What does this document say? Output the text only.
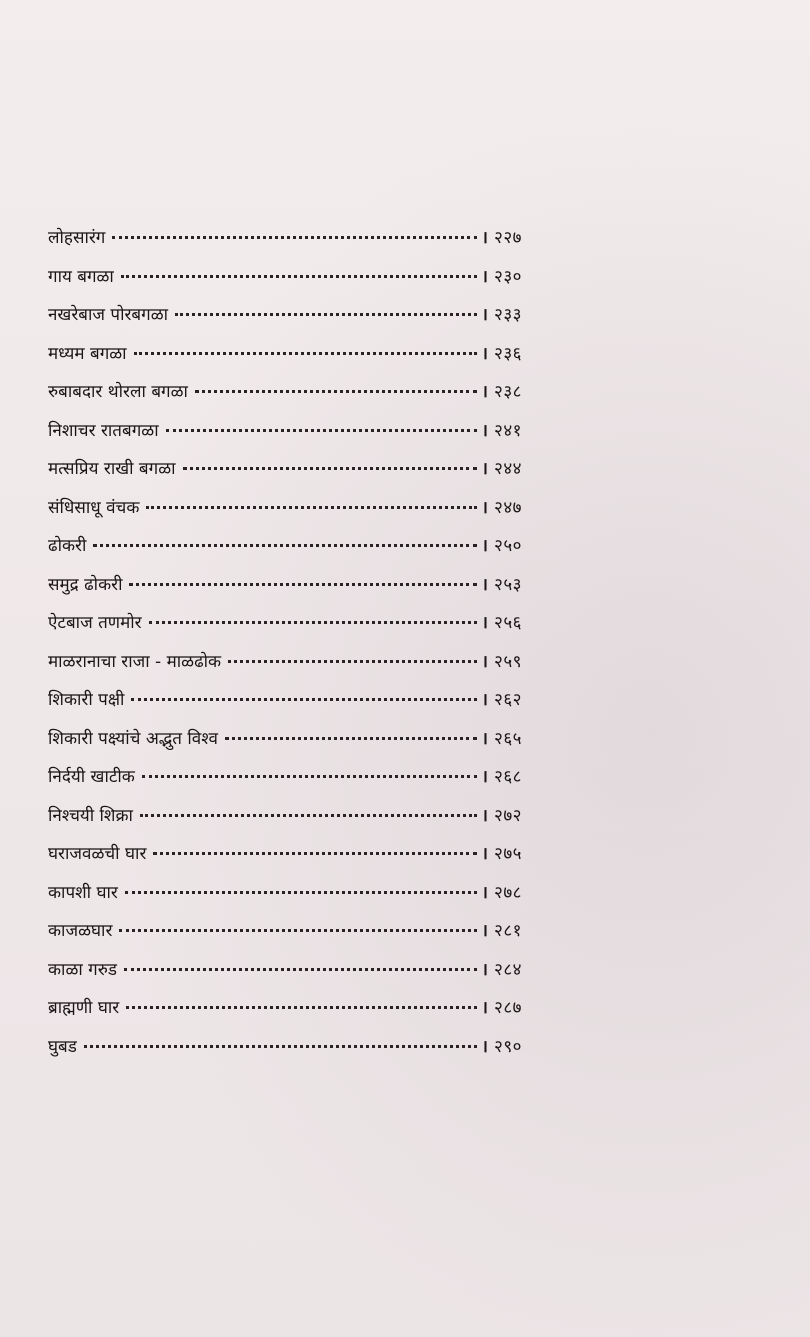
लोहसारंग	। २२७
गाय बगळा	। २३०
नखरेबाज पोरबगळा	। २३३
मध्यम बगळा	। २३६
रुबाबदार थोरला बगळा	। २३८
निशाचर रातबगळा	। २४१
मत्सप्रिय राखी बगळा	। २४४
संधिसाधू वंचक	। २४७
ढोकरी	। २५०
समुद्र ढोकरी	। २५३
ऐटबाज तणमोर	। २५६
माळरानाचा राजा - माळढोक	। २५९
शिकारी पक्षी	। २६२
शिकारी पक्ष्यांचे अद्भुत विश्व	। २६५
निर्दयी खाटीक	। २६८
निश्चयी शिक्रा	। २७२
घराजवळची घार	। २७५
कापशी घार	। २७८
काजळघार	। २८१
काळा गरुड	। २८४
ब्राह्मणी घार	। २८७
घुबड	। २९०
